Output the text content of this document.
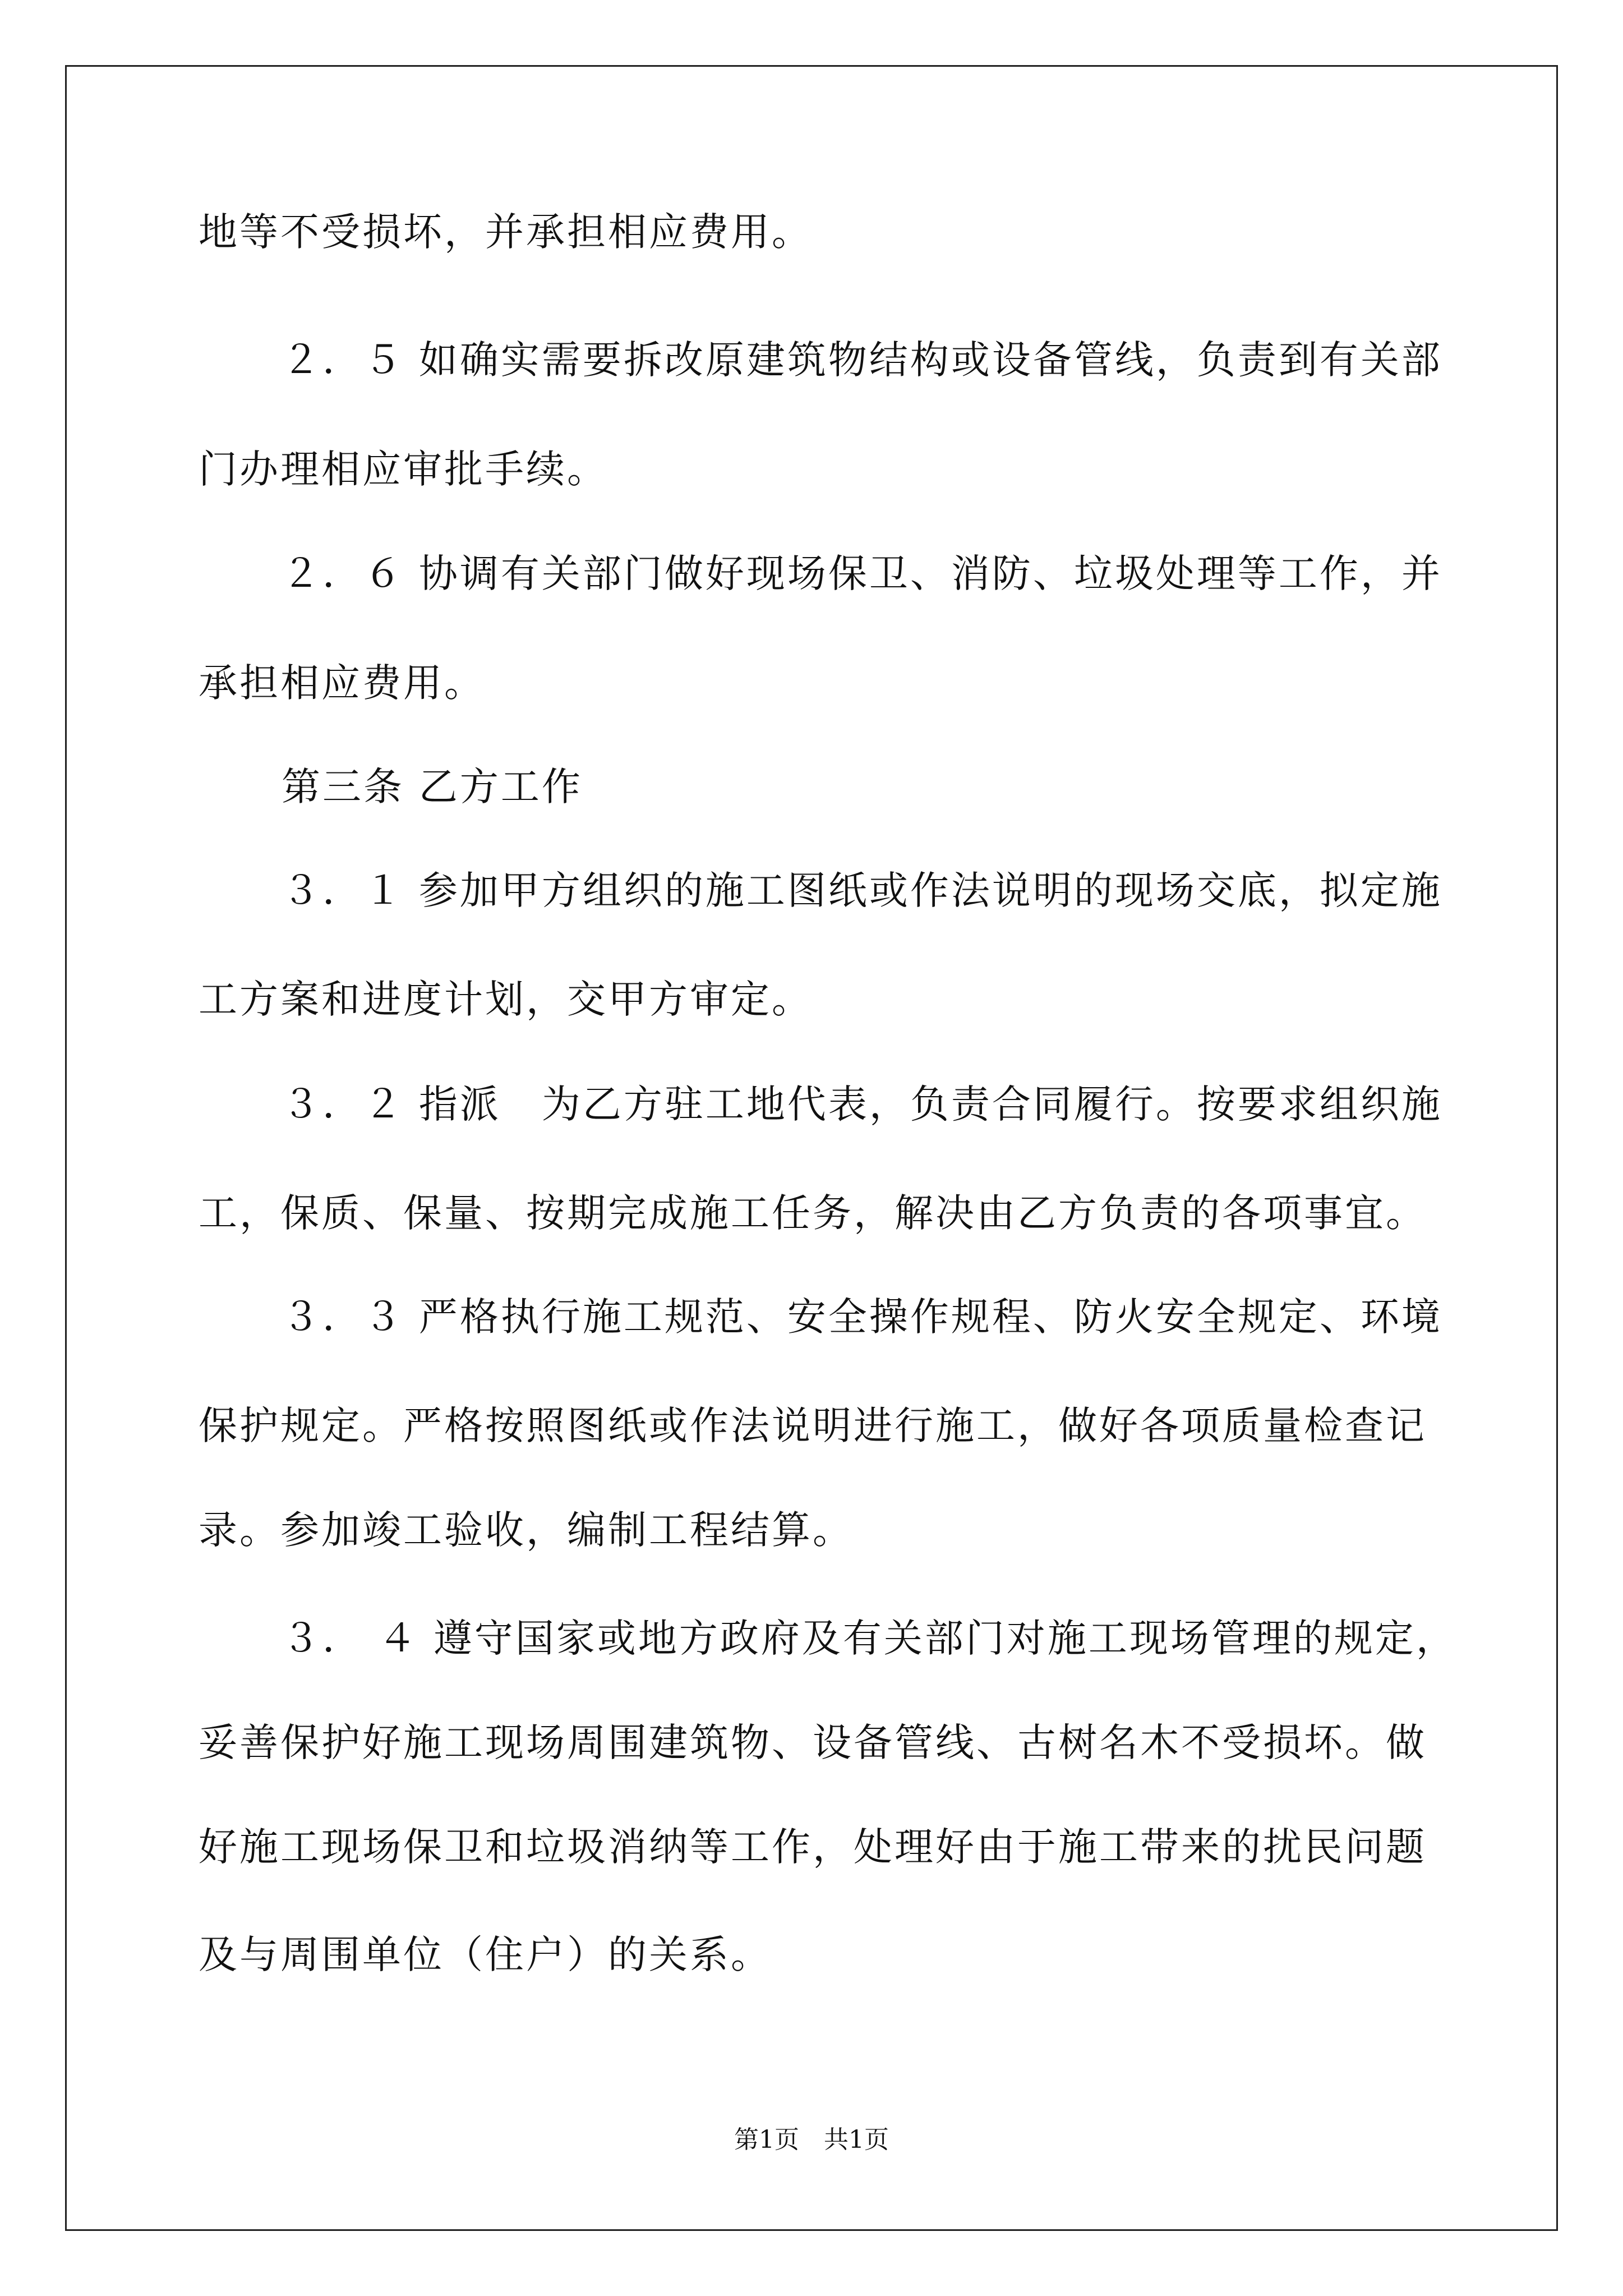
地等不受损坏，并承担相应费用。
２．５ 如确实需要拆改原建筑物结构或设备管线，负责到有关部
门办理相应审批手续。
２．６ 协调有关部门做好现场保卫、消防、垃圾处理等工作，并
承担相应费用。
第三条 乙方工作
３．１ 参加甲方组织的施工图纸或作法说明的现场交底，拟定施
工方案和进度计划，交甲方审定。
３．２ 指派　为乙方驻工地代表，负责合同履行。按要求组织施
工，保质、保量、按期完成施工任务，解决由乙方负责的各项事宜。
３．３ 严格执行施工规范、安全操作规程、防火安全规定、环境
保护规定。严格按照图纸或作法说明进行施工，做好各项质量检查记
录。参加竣工验收，编制工程结算。
３． ４ 遵守国家或地方政府及有关部门对施工现场管理的规定，
妥善保护好施工现场周围建筑物、设备管线、古树名木不受损坏。做
好施工现场保卫和垃圾消纳等工作，处理好由于施工带来的扰民问题
及与周围单位（住户）的关系。
第1页　共1页
